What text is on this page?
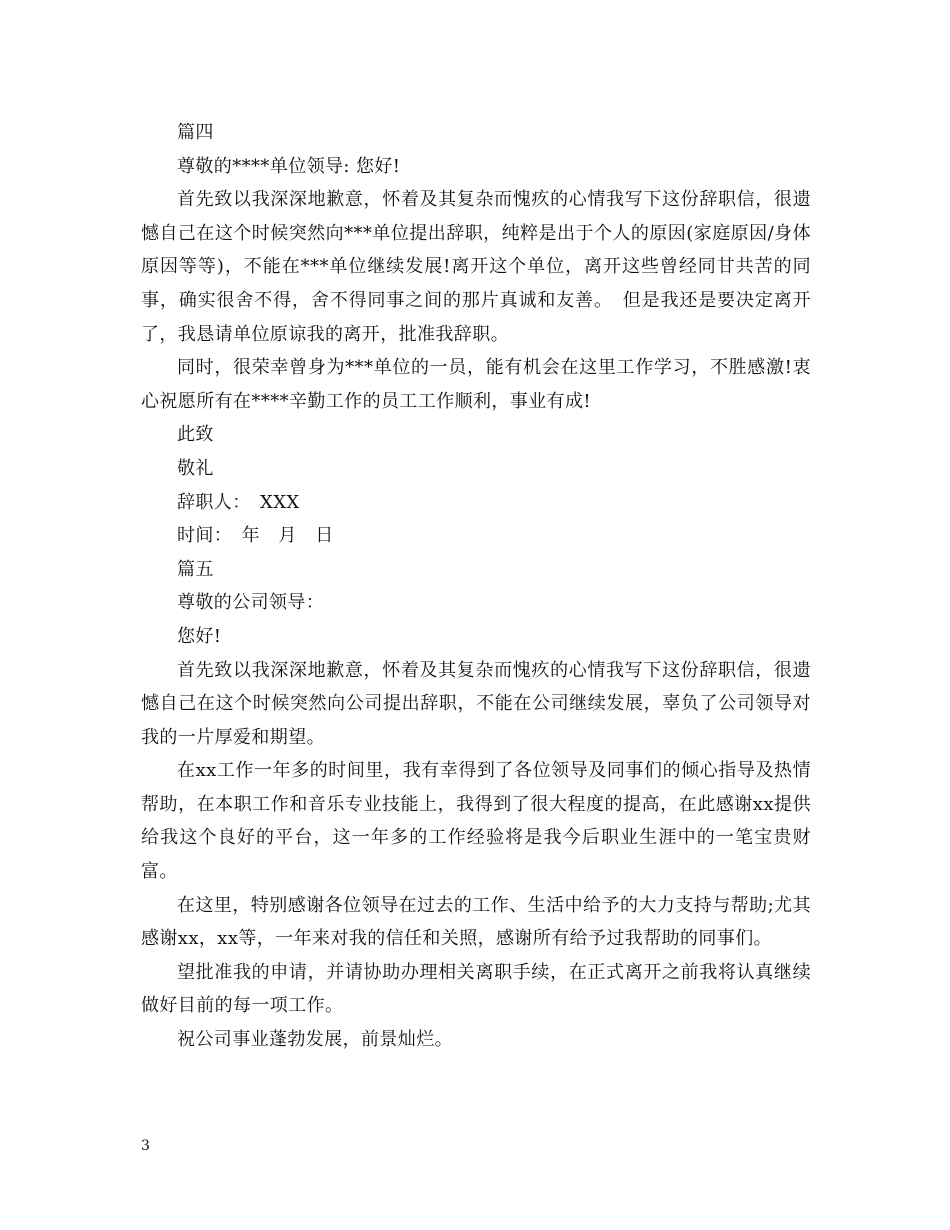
篇四

尊敬的****单位领导: 您好!

首先致以我深深地歉意，怀着及其复杂而愧疚的心情我写下这份辞职信，很遗憾自己在这个时候突然向***单位提出辞职，纯粹是出于个人的原因(家庭原因/身体原因等等)，不能在***单位继续发展!离开这个单位，离开这些曾经同甘共苦的同事，确实很舍不得，舍不得同事之间的那片真诚和友善。　但是我还是要决定离开了，我恳请单位原谅我的离开，批准我辞职。

同时，很荣幸曾身为***单位的一员，能有机会在这里工作学习，不胜感激!衷心祝愿所有在****辛勤工作的员工工作顺利，事业有成!

此致

敬礼

辞职人：　XXX

时间：　年　月　日

篇五

尊敬的公司领导：

您好!

首先致以我深深地歉意，怀着及其复杂而愧疚的心情我写下这份辞职信，很遗憾自己在这个时候突然向公司提出辞职，不能在公司继续发展，辜负了公司领导对我的一片厚爱和期望。

在xx工作一年多的时间里，我有幸得到了各位领导及同事们的倾心指导及热情帮助，在本职工作和音乐专业技能上，我得到了很大程度的提高，在此感谢xx提供给我这个良好的平台，这一年多的工作经验将是我今后职业生涯中的一笔宝贵财富。

在这里，特别感谢各位领导在过去的工作、生活中给予的大力支持与帮助;尤其感谢xx，xx等，一年来对我的信任和关照，感谢所有给予过我帮助的同事们。

望批准我的申请，并请协助办理相关离职手续，在正式离开之前我将认真继续做好目前的每一项工作。

祝公司事业蓬勃发展，前景灿烂。

3
